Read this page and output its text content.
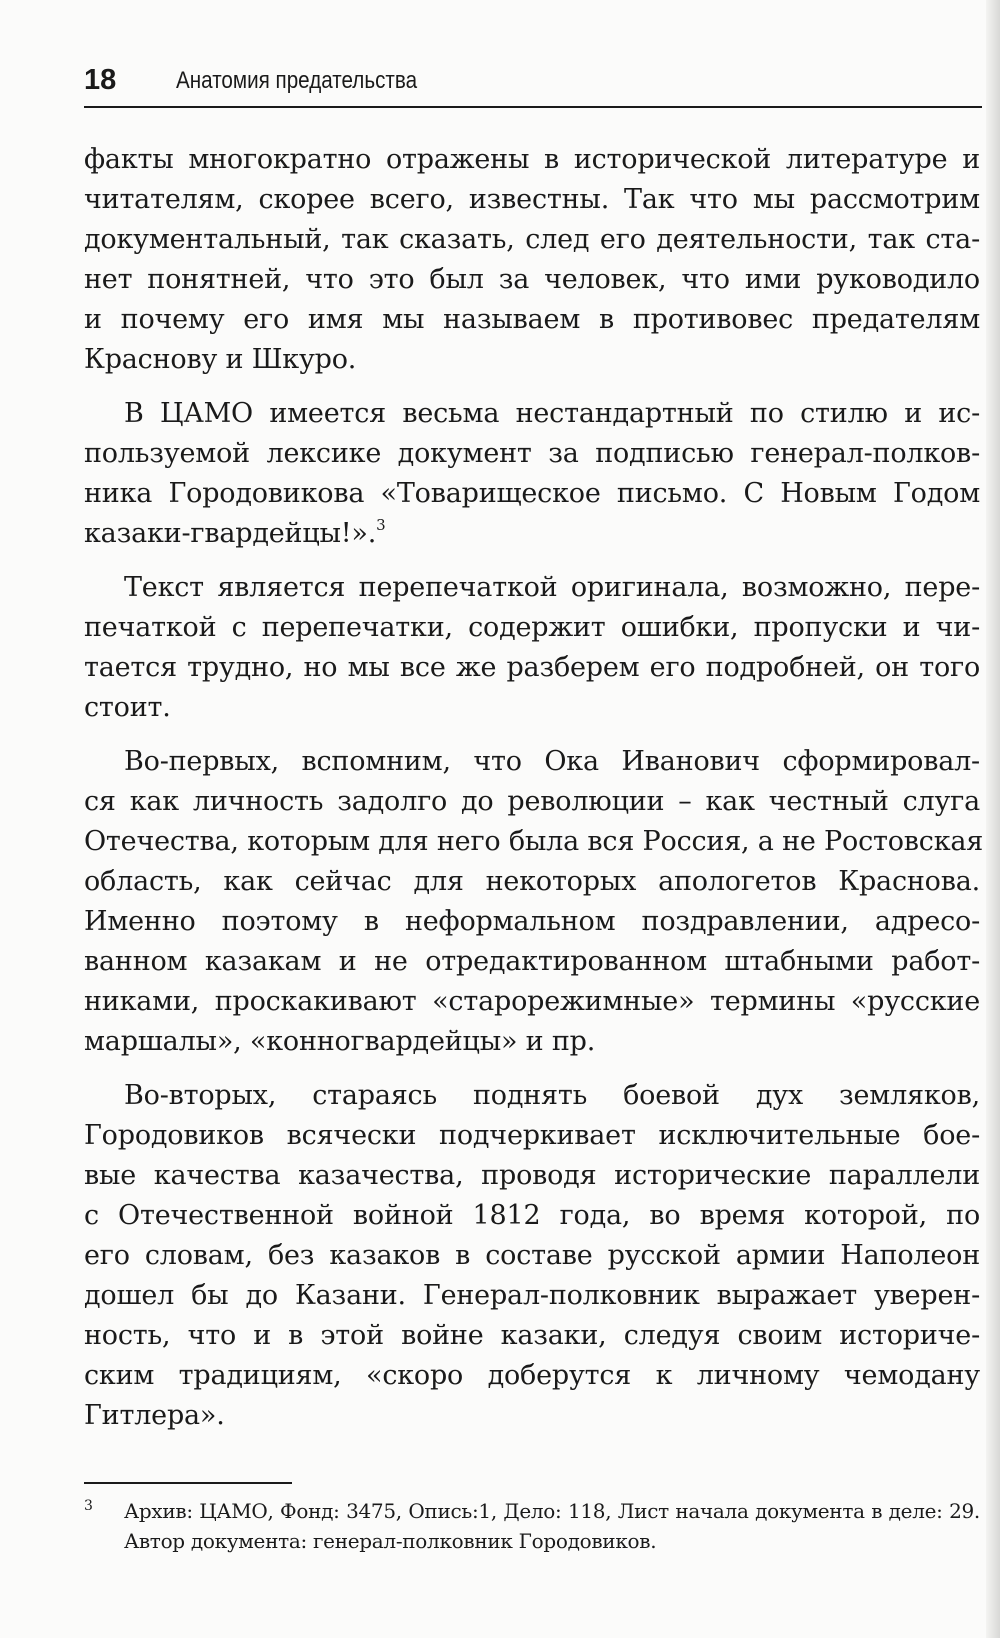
18 Анатомия предательства
факты многократно отражены в исторической литературе и
читателям, скорее всего, известны. Так что мы рассмотрим
документальный, так сказать, след его деятельности, так ста-
нет понятней, что это был за человек, что ими руководило
и почему его имя мы называем в противовес предателям
Краснову и Шкуро.
В ЦАМО имеется весьма нестандартный по стилю и ис-
пользуемой лексике документ за подписью генерал-полков-
ника Городовикова «Товарищеское письмо. С Новым Годом
казаки-гвардейцы!».$^3$
Текст является перепечаткой оригинала, возможно, пере-
печаткой с перепечатки, содержит ошибки, пропуски и чи-
тается трудно, но мы все же разберем его подробней, он того
стоит.
Во-первых, вспомним, что Ока Иванович сформировал-
ся как личность задолго до революции – как честный слуга
Отечества, которым для него была вся Россия, а не Ростовская
область, как сейчас для некоторых апологетов Краснова.
Именно поэтому в неформальном поздравлении, адресо-
ванном казакам и не отредактированном штабными работ-
никами, проскакивают «старорежимные» термины «русские
маршалы», «конногвардейцы» и пр.
Во-вторых, стараясь поднять боевой дух земляков,
Городовиков всячески подчеркивает исключительные бое-
вые качества казачества, проводя исторические параллели
с Отечественной войной 1812 года, во время которой, по
его словам, без казаков в составе русской армии Наполеон
дошел бы до Казани. Генерал-полковник выражает уверен-
ность, что и в этой войне казаки, следуя своим историче-
ским традициям, «скоро доберутся к личному чемодану
Гитлера».
3 Архив: ЦАМО, Фонд: 3475, Опись:1, Дело: 118, Лист начала документа в деле: 29.
Автор документа: генерал-полковник Городовиков.
